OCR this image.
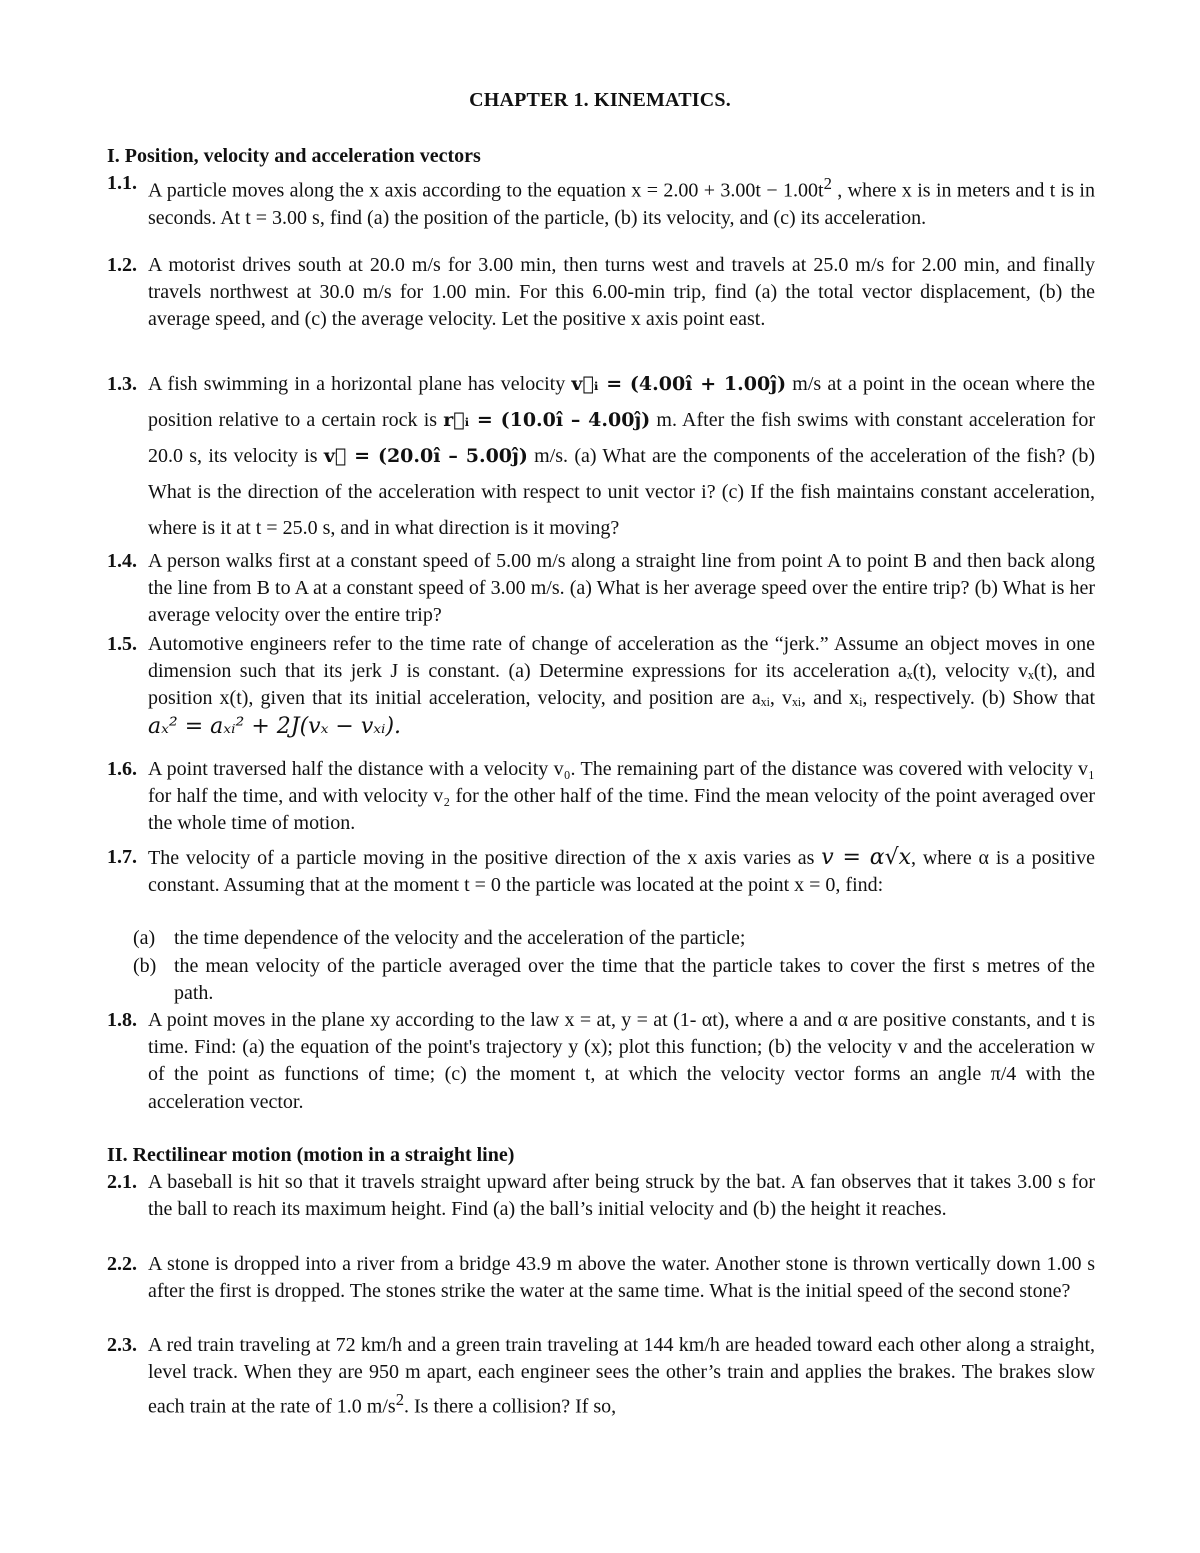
CHAPTER 1. KINEMATICS.
I. Position, velocity and acceleration vectors
1.1. A particle moves along the x axis according to the equation $x = 2.00 + 3.00t - 1.00t^2$ , where x is in meters and t is in seconds. At t = 3.00 s, find (a) the position of the particle, (b) its velocity, and (c) its acceleration.
1.2. A motorist drives south at 20.0 m/s for 3.00 min, then turns west and travels at 25.0 m/s for 2.00 min, and finally travels northwest at 30.0 m/s for 1.00 min. For this 6.00-min trip, find (a) the total vector displacement, (b) the average speed, and (c) the average velocity. Let the positive x axis point east.
1.3. A fish swimming in a horizontal plane has velocity v⃗ᵢ = (4.00î + 1.00ĵ) m/s at a point in the ocean where the position relative to a certain rock is r⃗ᵢ = (10.0î – 4.00ĵ) m. After the fish swims with constant acceleration for 20.0 s, its velocity is v⃗ = (20.0î – 5.00ĵ) m/s. (a) What are the components of the acceleration of the fish? (b) What is the direction of the acceleration with respect to unit vector i? (c) If the fish maintains constant acceleration, where is it at t = 25.0 s, and in what direction is it moving?
1.4. A person walks first at a constant speed of 5.00 m/s along a straight line from point A to point B and then back along the line from B to A at a constant speed of 3.00 m/s. (a) What is her average speed over the entire trip? (b) What is her average velocity over the entire trip?
1.5. Automotive engineers refer to the time rate of change of acceleration as the “jerk.” Assume an object moves in one dimension such that its jerk J is constant. (a) Determine expressions for its acceleration aₓ(t), velocity vₓ(t), and position x(t), given that its initial acceleration, velocity, and position are aₓᵢ, vₓᵢ, and xᵢ, respectively. (b) Show that aₓ² = aₓᵢ² + 2J(vₓ − vₓᵢ).
1.6. A point traversed half the distance with a velocity v₀. The remaining part of the distance was covered with velocity v₁ for half the time, and with velocity v₂ for the other half of the time. Find the mean velocity of the point averaged over the whole time of motion.
1.7. The velocity of a particle moving in the positive direction of the x axis varies as v = α√x, where α is a positive constant. Assuming that at the moment t = 0 the particle was located at the point x = 0, find:
(a) the time dependence of the velocity and the acceleration of the particle;
(b) the mean velocity of the particle averaged over the time that the particle takes to cover the first s metres of the path.
1.8. A point moves in the plane xy according to the law x = at, y = at (1- αt), where a and α are positive constants, and t is time. Find: (a) the equation of the point's trajectory y (x); plot this function; (b) the velocity v and the acceleration w of the point as functions of time; (c) the moment t, at which the velocity vector forms an angle π/4 with the acceleration vector.
II. Rectilinear motion (motion in a straight line)
2.1. A baseball is hit so that it travels straight upward after being struck by the bat. A fan observes that it takes 3.00 s for the ball to reach its maximum height. Find (a) the ball’s initial velocity and (b) the height it reaches.
2.2. A stone is dropped into a river from a bridge 43.9 m above the water. Another stone is thrown vertically down 1.00 s after the first is dropped. The stones strike the water at the same time. What is the initial speed of the second stone?
2.3. A red train traveling at 72 km/h and a green train traveling at 144 km/h are headed toward each other along a straight, level track. When they are 950 m apart, each engineer sees the other’s train and applies the brakes. The brakes slow each train at the rate of 1.0 $m/s^2$. Is there a collision? If so,
